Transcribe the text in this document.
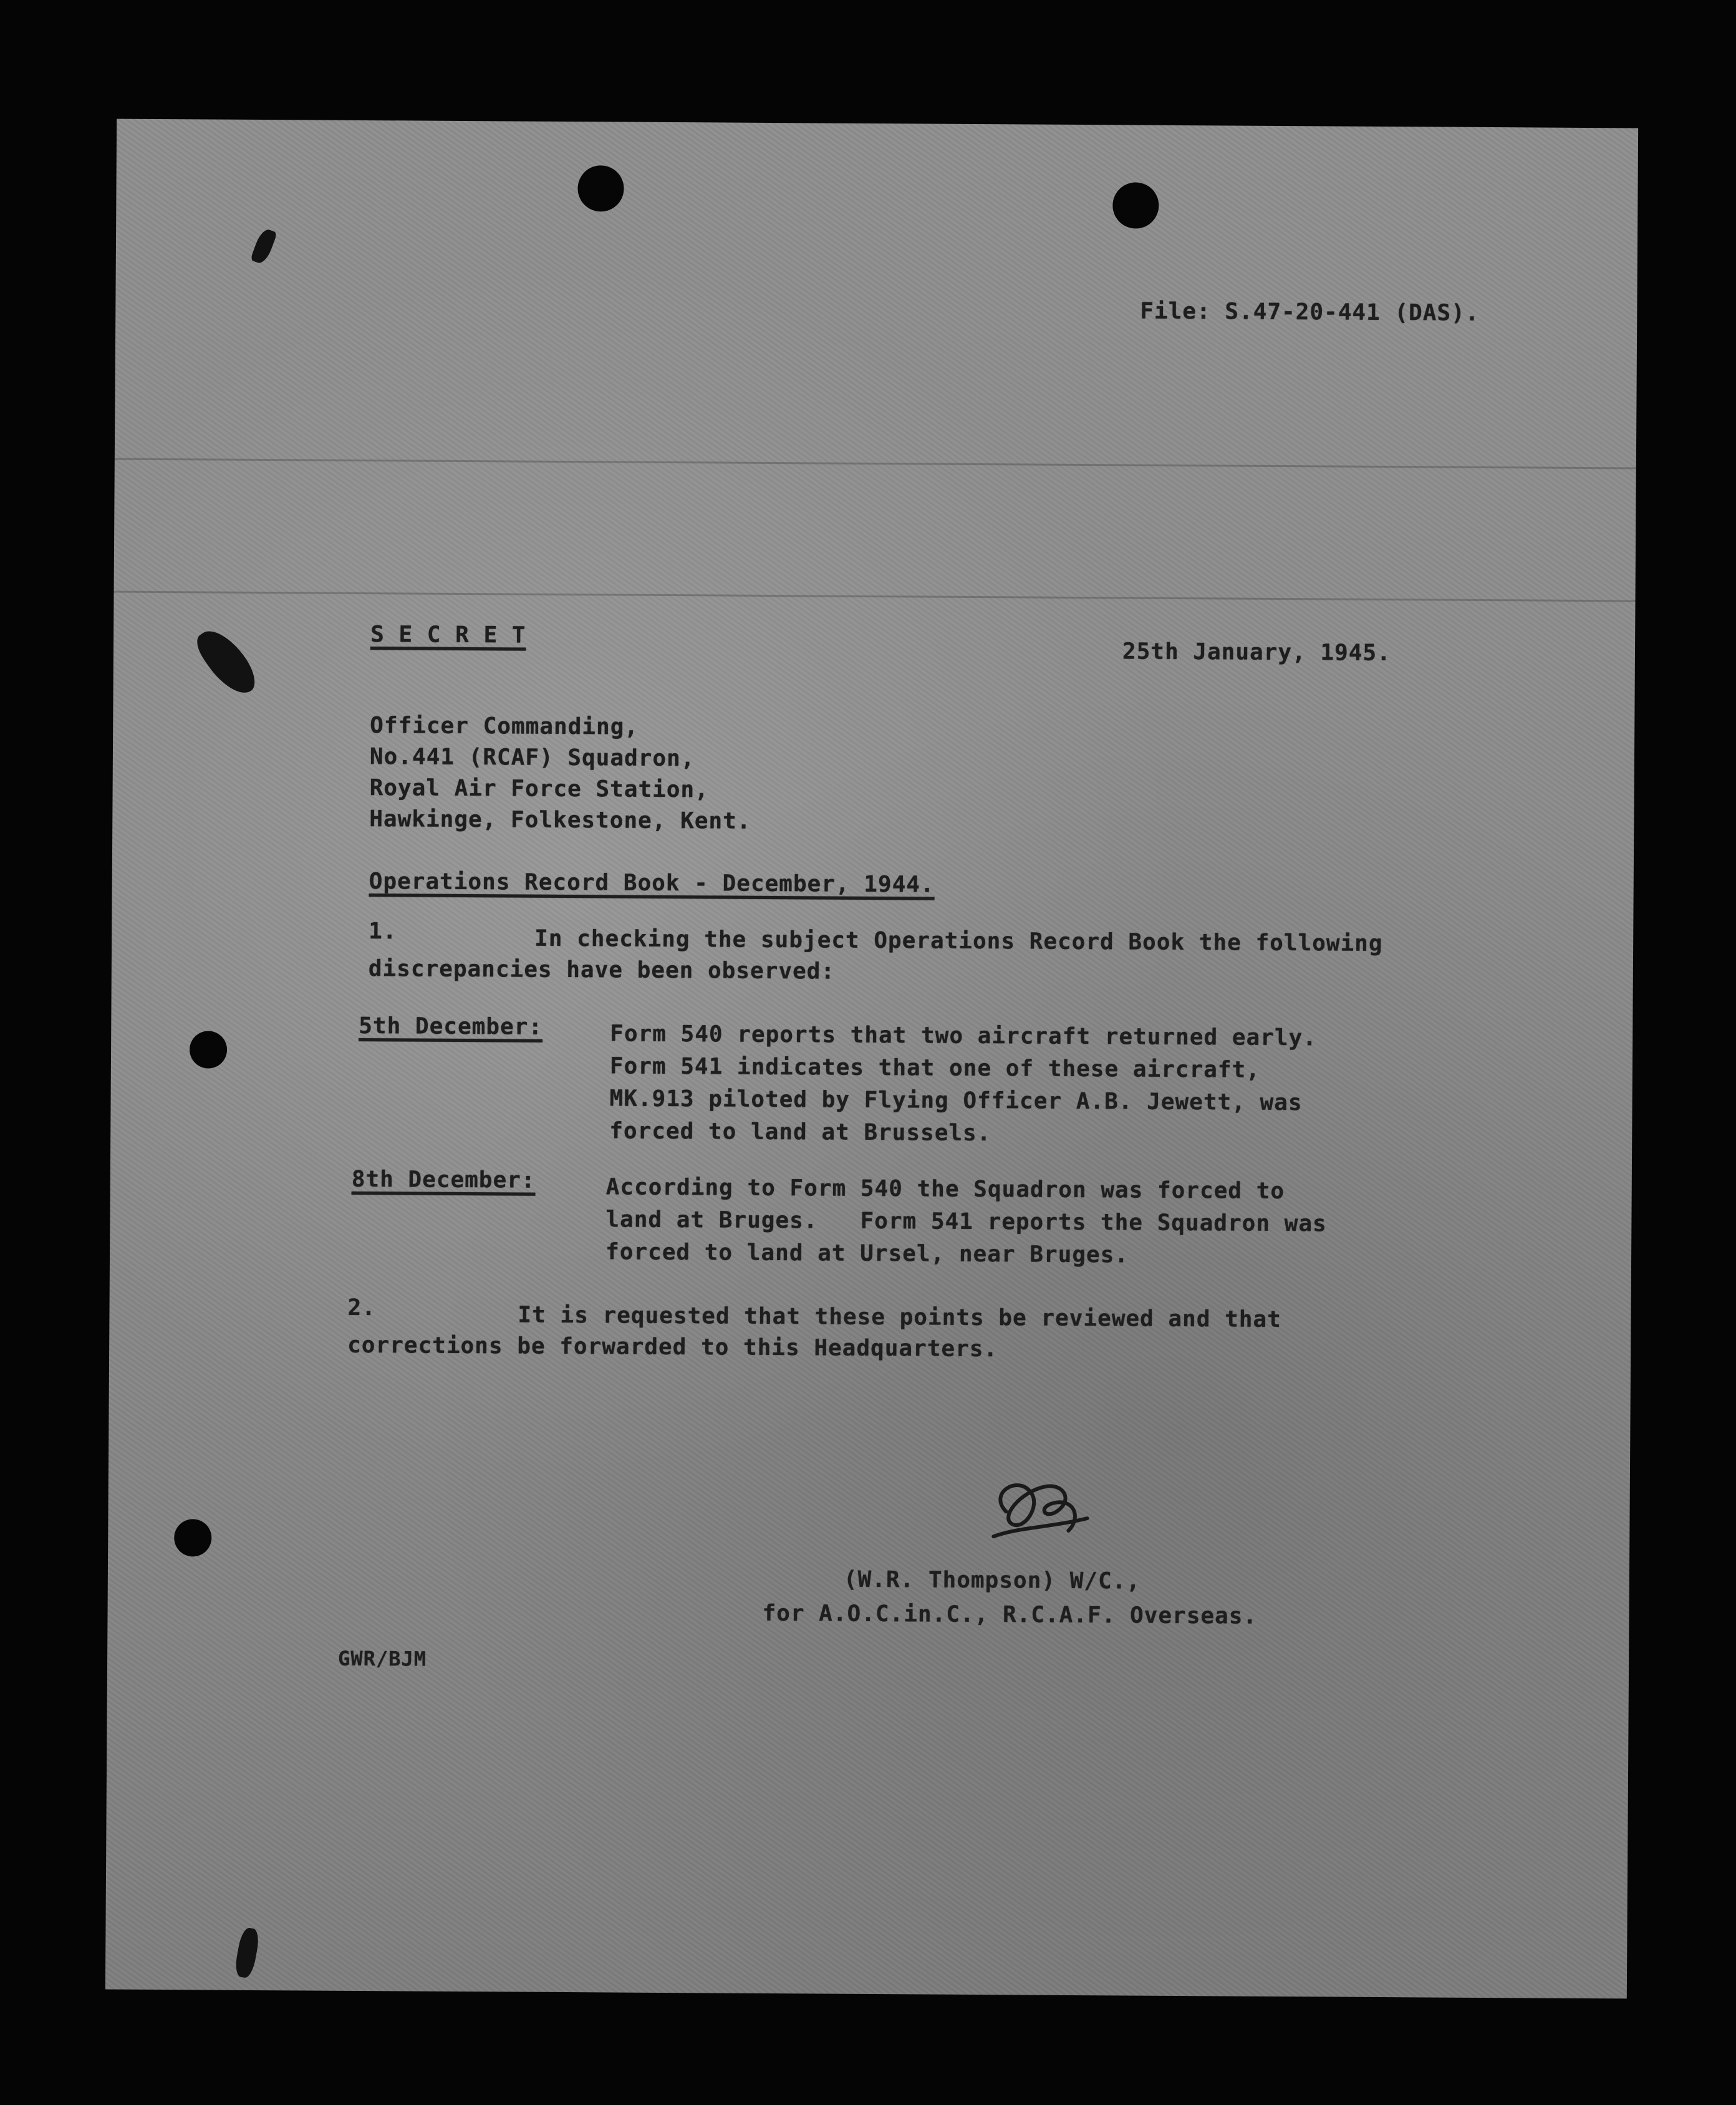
File: S.47-20-441 (DAS).
S E C R E T
25th January, 1945.
Officer Commanding,
No.441 (RCAF) Squadron,
Royal Air Force Station,
Hawkinge, Folkestone, Kent.
Operations Record Book - December, 1944.
1.	In checking the subject Operations Record Book the following
discrepancies have been observed:
5th December:	Form 540 reports that two aircraft returned early.
Form 541 indicates that one of these aircraft,
MK.913 piloted by Flying Officer A.B. Jewett, was
forced to land at Brussels.
8th December:	According to Form 540 the Squadron was forced to
land at Bruges.   Form 541 reports the Squadron was
forced to land at Ursel, near Bruges.
2.	It is requested that these points be reviewed and that
corrections be forwarded to this Headquarters.
(W.R. Thompson) W/C.,
for A.O.C.in.C., R.C.A.F. Overseas.
GWR/BJM
